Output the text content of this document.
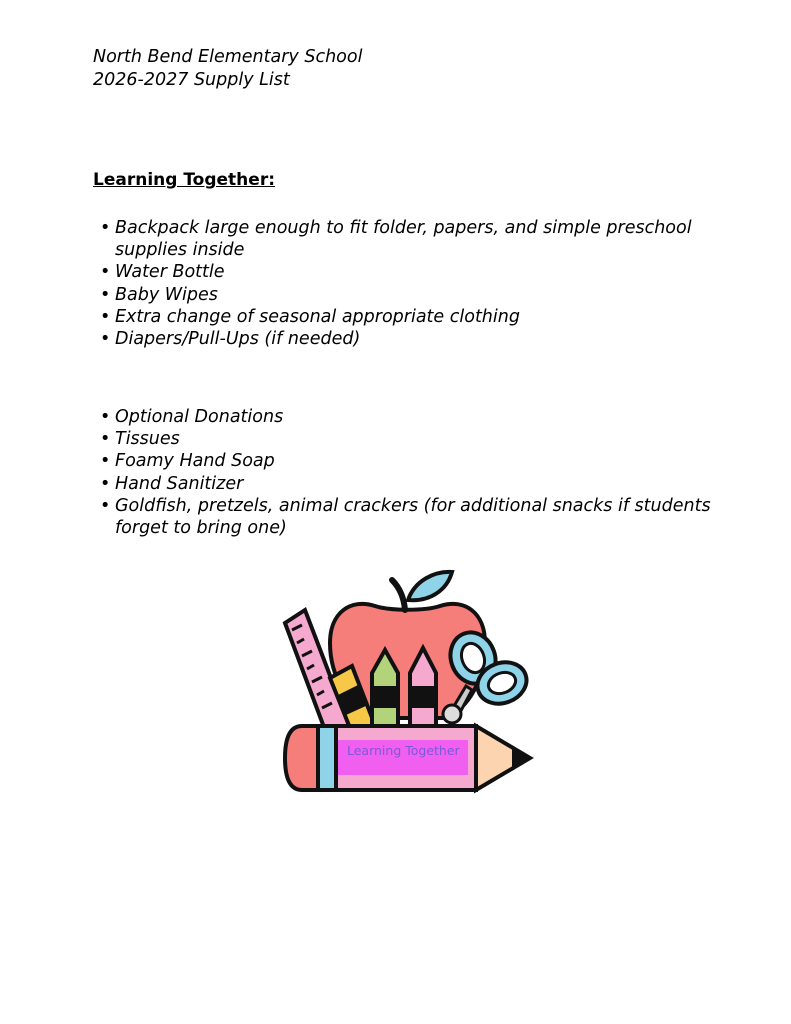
North Bend Elementary School
2026-2027 Supply List
Learning Together:
• Backpack large enough to fit folder, papers, and simple preschool supplies inside
• Water Bottle
• Baby Wipes
• Extra change of seasonal appropriate clothing
• Diapers/Pull-Ups (if needed)
• Optional Donations
• Tissues
• Foamy Hand Soap
• Hand Sanitizer
• Goldfish, pretzels, animal crackers (for additional snacks if students forget to bring one)
Learning Together
